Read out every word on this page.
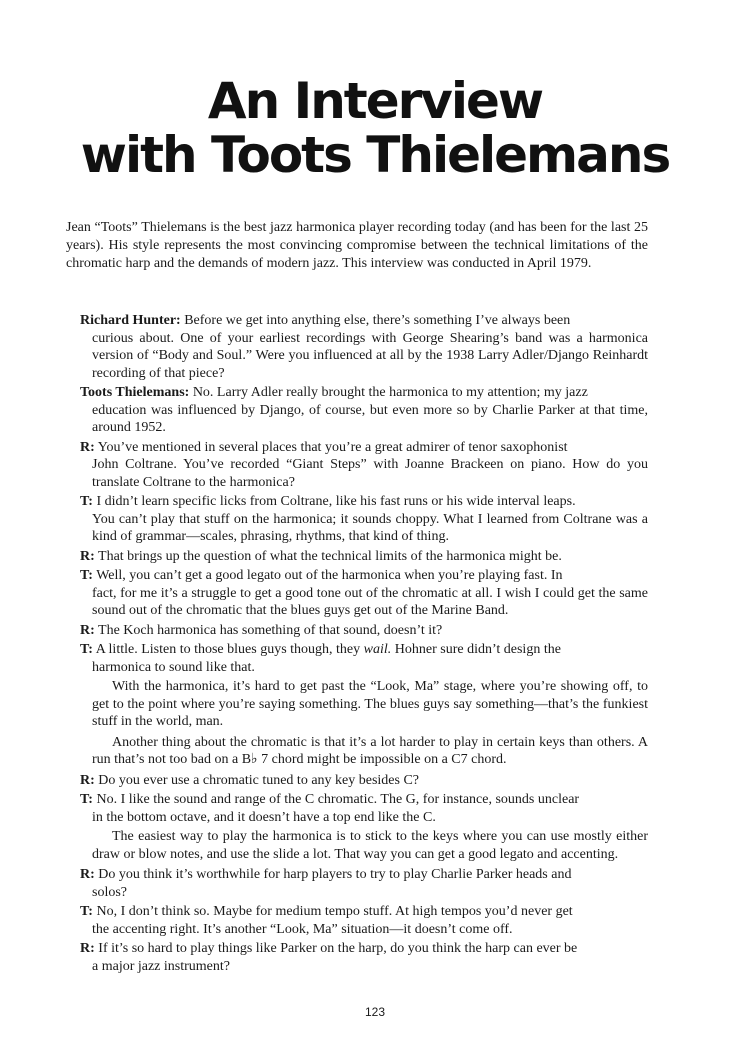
An Interview
with Toots Thielemans

Jean “Toots” Thielemans is the best jazz harmonica player recording today (and has been for the last 25 years). His style represents the most convincing compromise between the technical limitations of the chromatic harp and the demands of modern jazz. This interview was conducted in April 1979.

Richard Hunter: Before we get into anything else, there’s something I’ve always been
curious about. One of your earliest recordings with George Shearing’s band was a harmonica version of “Body and Soul.” Were you influenced at all by the 1938 Larry Adler/Django Reinhardt recording of that piece?
Toots Thielemans: No. Larry Adler really brought the harmonica to my attention; my jazz
education was influenced by Django, of course, but even more so by Charlie Parker at that time, around 1952.
R: You’ve mentioned in several places that you’re a great admirer of tenor saxophonist
John Coltrane. You’ve recorded “Giant Steps” with Joanne Brackeen on piano. How do you translate Coltrane to the harmonica?
T: I didn’t learn specific licks from Coltrane, like his fast runs or his wide interval leaps.
You can’t play that stuff on the harmonica; it sounds choppy. What I learned from Coltrane was a kind of grammar—scales, phrasing, rhythms, that kind of thing.
R: That brings up the question of what the technical limits of the harmonica might be.
T: Well, you can’t get a good legato out of the harmonica when you’re playing fast. In
fact, for me it’s a struggle to get a good tone out of the chromatic at all. I wish I could get the same sound out of the chromatic that the blues guys get out of the Marine Band.
R: The Koch harmonica has something of that sound, doesn’t it?
T: A little. Listen to those blues guys though, they wail. Hohner sure didn’t design the
harmonica to sound like that.
With the harmonica, it’s hard to get past the “Look, Ma” stage, where you’re showing off, to get to the point where you’re saying something. The blues guys say something—that’s the funkiest stuff in the world, man.
Another thing about the chromatic is that it’s a lot harder to play in certain keys than others. A run that’s not too bad on a B♭ 7 chord might be impossible on a C7 chord.
R: Do you ever use a chromatic tuned to any key besides C?
T: No. I like the sound and range of the C chromatic. The G, for instance, sounds unclear
in the bottom octave, and it doesn’t have a top end like the C.
The easiest way to play the harmonica is to stick to the keys where you can use mostly either draw or blow notes, and use the slide a lot. That way you can get a good legato and accenting.
R: Do you think it’s worthwhile for harp players to try to play Charlie Parker heads and
solos?
T: No, I don’t think so. Maybe for medium tempo stuff. At high tempos you’d never get
the accenting right. It’s another “Look, Ma” situation—it doesn’t come off.
R: If it’s so hard to play things like Parker on the harp, do you think the harp can ever be
a major jazz instrument?
123
